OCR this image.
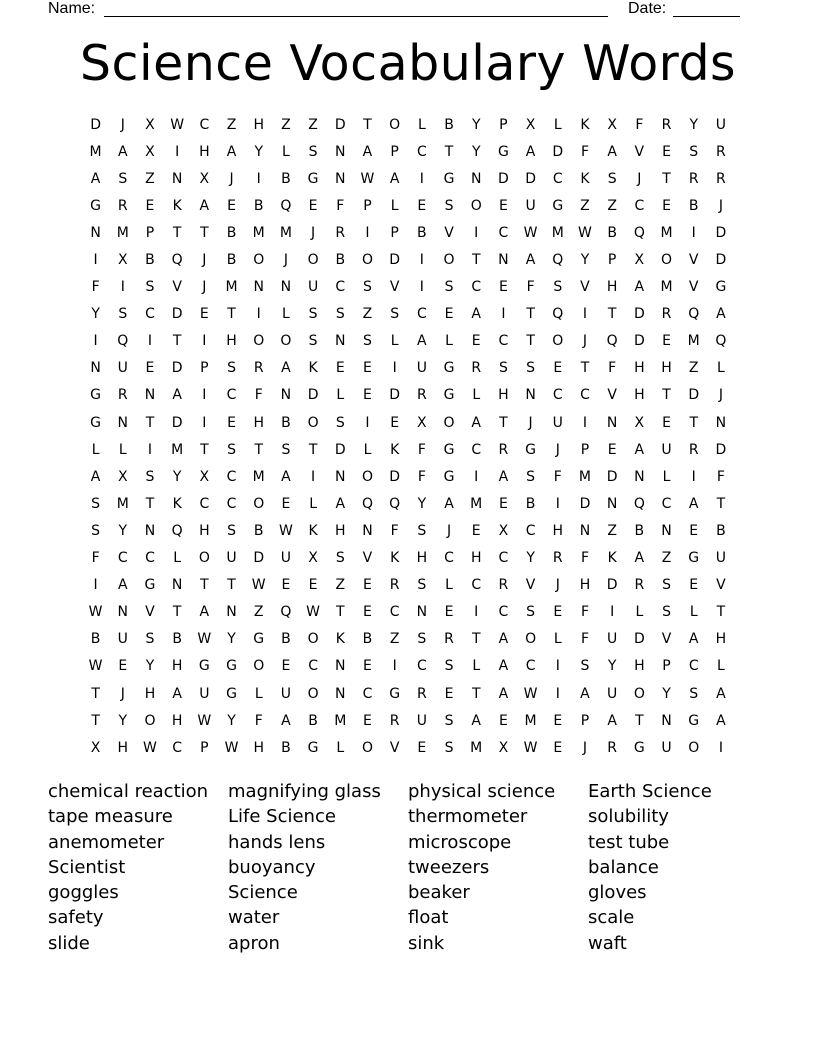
Name:	Date:
Science Vocabulary Words
D	J	X	W	C	Z	H	Z	Z	D	T	O	L	B	Y	P	X	L	K	X	F	R	Y	U
M	A	X	I	H	A	Y	L	S	N	A	P	C	T	Y	G	A	D	F	A	V	E	S	R
A	S	Z	N	X	J	I	B	G	N	W	A	I	G	N	D	D	C	K	S	J	T	R	R
G	R	E	K	A	E	B	Q	E	F	P	L	E	S	O	E	U	G	Z	Z	C	E	B	J
N	M	P	T	T	B	M	M	J	R	I	P	B	V	I	C	W	M	W	B	Q	M	I	D
I	X	B	Q	J	B	O	J	O	B	O	D	I	O	T	N	A	Q	Y	P	X	O	V	D
F	I	S	V	J	M	N	N	U	C	S	V	I	S	C	E	F	S	V	H	A	M	V	G
Y	S	C	D	E	T	I	L	S	S	Z	S	C	E	A	I	T	Q	I	T	D	R	Q	A
I	Q	I	T	I	H	O	O	S	N	S	L	A	L	E	C	T	O	J	Q	D	E	M	Q
N	U	E	D	P	S	R	A	K	E	E	I	U	G	R	S	S	E	T	F	H	H	Z	L
G	R	N	A	I	C	F	N	D	L	E	D	R	G	L	H	N	C	C	V	H	T	D	J
G	N	T	D	I	E	H	B	O	S	I	E	X	O	A	T	J	U	I	N	X	E	T	N
L	L	I	M	T	S	T	S	T	D	L	K	F	G	C	R	G	J	P	E	A	U	R	D
A	X	S	Y	X	C	M	A	I	N	O	D	F	G	I	A	S	F	M	D	N	L	I	F
S	M	T	K	C	C	O	E	L	A	Q	Q	Y	A	M	E	B	I	D	N	Q	C	A	T
S	Y	N	Q	H	S	B	W	K	H	N	F	S	J	E	X	C	H	N	Z	B	N	E	B
F	C	C	L	O	U	D	U	X	S	V	K	H	C	H	C	Y	R	F	K	A	Z	G	U
I	A	G	N	T	T	W	E	E	Z	E	R	S	L	C	R	V	J	H	D	R	S	E	V
W	N	V	T	A	N	Z	Q	W	T	E	C	N	E	I	C	S	E	F	I	L	S	L	T
B	U	S	B	W	Y	G	B	O	K	B	Z	S	R	T	A	O	L	F	U	D	V	A	H
W	E	Y	H	G	G	O	E	C	N	E	I	C	S	L	A	C	I	S	Y	H	P	C	L
T	J	H	A	U	G	L	U	O	N	C	G	R	E	T	A	W	I	A	U	O	Y	S	A
T	Y	O	H	W	Y	F	A	B	M	E	R	U	S	A	E	M	E	P	A	T	N	G	A
X	H	W	C	P	W	H	B	G	L	O	V	E	S	M	X	W	E	J	R	G	U	O	I
chemical reaction
tape measure
anemometer
Scientist
goggles
safety
slide
magnifying glass
Life Science
hands lens
buoyancy
Science
water
apron
physical science
thermometer
microscope
tweezers
beaker
float
sink
Earth Science
solubility
test tube
balance
gloves
scale
waft
